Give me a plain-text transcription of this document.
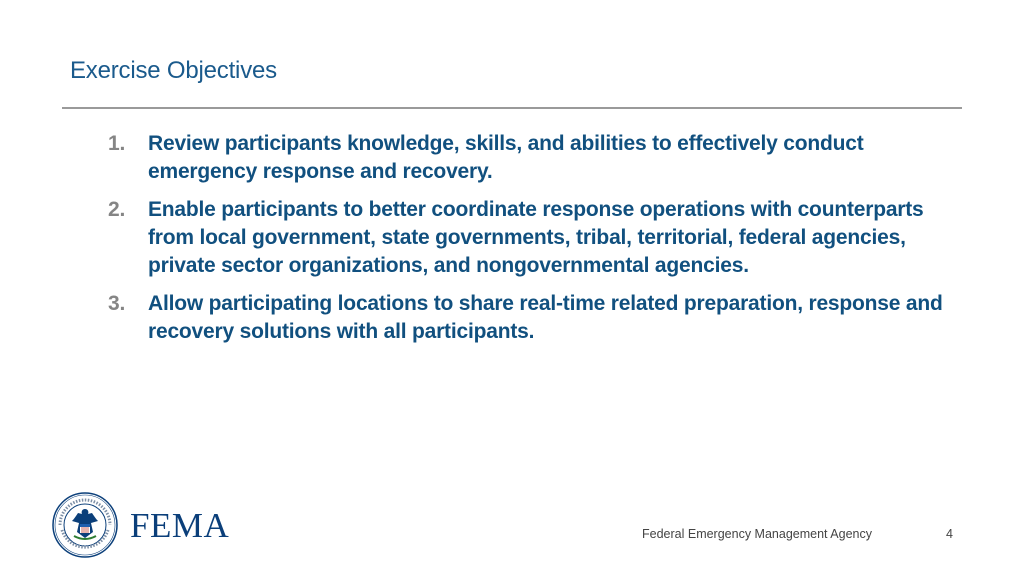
Exercise Objectives
1. Review participants knowledge, skills, and abilities to effectively conduct emergency response and recovery.
2. Enable participants to better coordinate response operations with counterparts from local government, state governments, tribal, territorial, federal agencies, private sector organizations, and nongovernmental agencies.
3. Allow participating locations to share real-time related preparation, response and recovery solutions with all participants.
FEMA	Federal Emergency Management Agency	4
